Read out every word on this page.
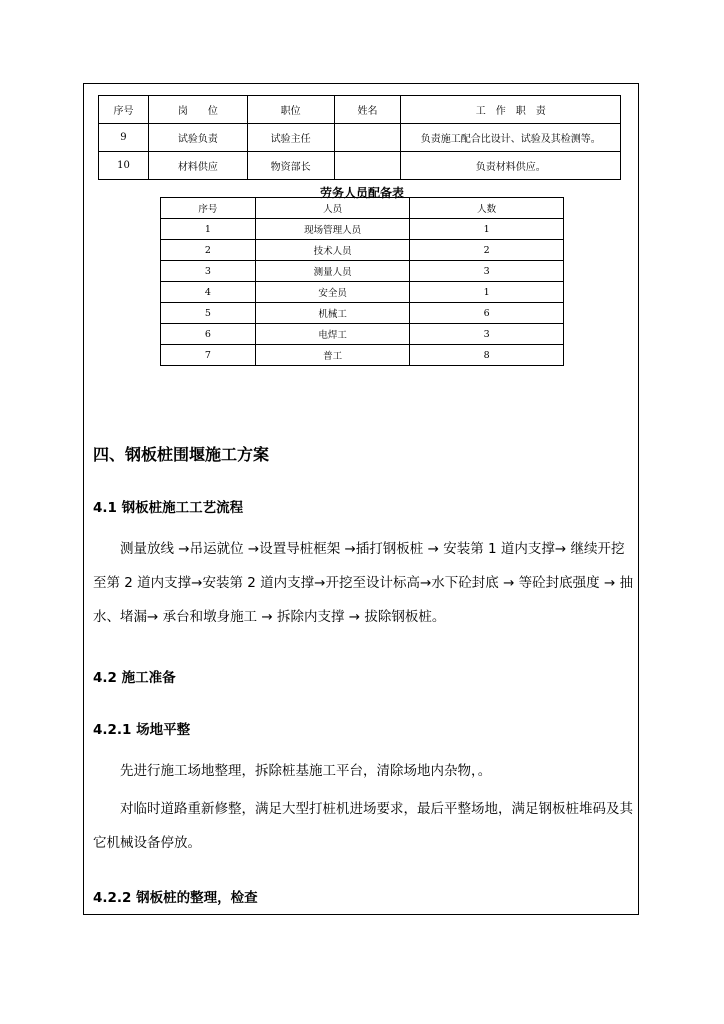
序号	岗　　位	职位	姓名	工　作　职　责
9	试验负责	试验主任		负责施工配合比设计、试验及其检测等。
10	材料供应	物资部长		负责材料供应。
劳务人员配备表
序号	人员	人数
1	现场管理人员	1
2	技术人员	2
3	测量人员	3
4	安全员	1
5	机械工	6
6	电焊工	3
7	普工	8
四、钢板桩围堰施工方案
4.1 钢板桩施工工艺流程

测量放线 →吊运就位 →设置导桩框架 →插打钢板桩 → 安装第 1 道内支撑→ 继续开挖至第 2 道内支撑→安装第 2 道内支撑→开挖至设计标高→水下砼封底 → 等砼封底强度 → 抽水、堵漏→ 承台和墩身施工 → 拆除内支撑 → 拔除钢板桩。

4.2 施工准备
4.2.1 场地平整

先进行施工场地整理，拆除桩基施工平台，清除场地内杂物，。

对临时道路重新修整，满足大型打桩机进场要求，最后平整场地，满足钢板桩堆码及其它机械设备停放。

4.2.2 钢板桩的整理，检查
